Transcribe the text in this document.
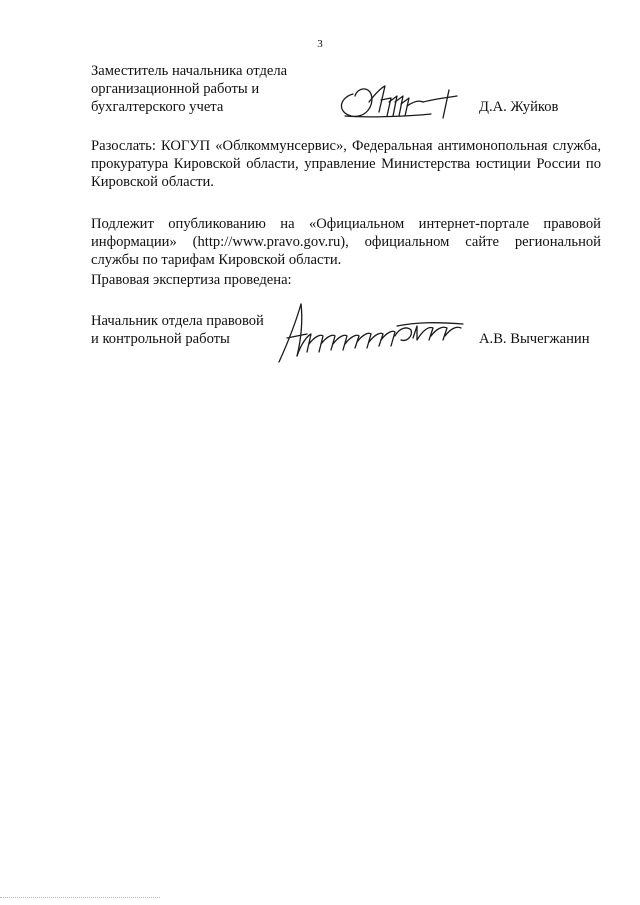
3
Заместитель начальника отдела
организационной работы и
бухгалтерского учета	Д.А. Жуйков
Разослать: КОГУП «Облкоммунсервис», Федеральная антимонопольная служба, прокуратура Кировской области, управление Министерства юстиции России по Кировской области.
Подлежит опубликованию на «Официальном интернет-портале правовой информации» (http://www.pravo.gov.ru), официальном сайте региональной службы по тарифам Кировской области.
Правовая экспертиза проведена:
Начальник отдела правовой
и контрольной работы	А.В. Вычегжанин
